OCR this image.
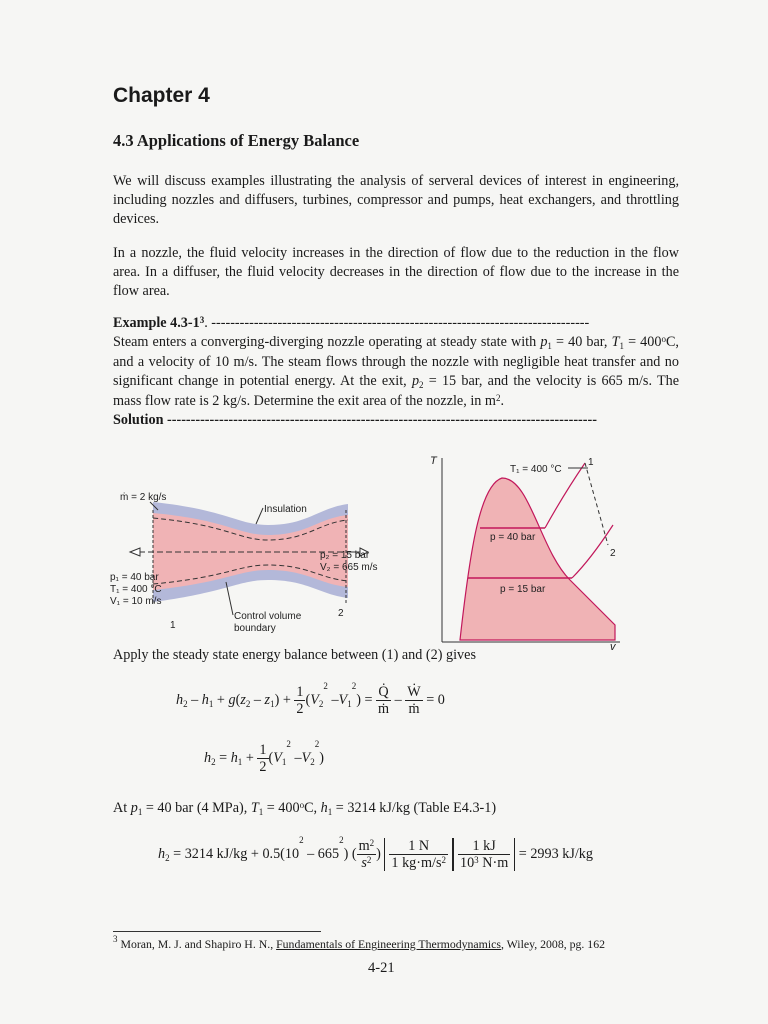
Chapter 4
4.3 Applications of Energy Balance

We will discuss examples illustrating the analysis of serveral devices of interest in engineering, including nozzles and diffusers, turbines, compressor and pumps, heat exchangers, and throttling devices.

In a nozzle, the fluid velocity increases in the direction of flow due to the reduction in the flow area. In a diffuser, the fluid velocity decreases in the direction of flow due to the increase in the flow area.

Example $4.3-1^3$. --------------------------------------------------------------------------------

Steam enters a converging-diverging nozzle operating at steady state with $p_1 = 40$ bar, $T_1 = 400^oC$, and a velocity of 10 m/s. The steam flows through the nozzle with negligible heat transfer and no significant change in potential energy. At the exit, $p_2 = 15$ bar, and the velocity is 665 m/s. The mass flow rate is 2 kg/s. Determine the exit area of the nozzle, in $m^2$.

Solution -------------------------------------------------------------------------------------------

ṁ = 2 kg/s
Insulation
p₁ = 40 bar
T₁ = 400 °C
V₁ = 10 m/s
p₂ = 15 bar
V₂ = 665 m/s
Control volume
boundary
1
2
T
v
T₁ = 400 °C
1
2
p = 40 bar
p = 15 bar
Apply the steady state energy balance between (1) and (2) gives
$h_2 - h_1 + g(z_2 - z_1) + \frac{1}{2} (V_2^2$ $-V_1^2) = \frac{Q̇}{\text{ṁ}} - \frac{\text{Ẇ}}{\text{ṁ}} = 0$
$h_2 = h_1 + \frac{1}{2} (V_1^2$ $-V_2^2$)
At $p_1 = 40$ bar (4 MPa), $T_1 = 400^oC$, $h_1 = 3214$ kJ/kg (Table E4.3-1)
$h_2 = 3214$ $kJ/kg + 0.5(10^2 - 665^2)$ ( $\frac{m^2}{s^2}$ ) $\frac{1 N}{1 kg\cdot m/s^2} \frac{1 kJ}{10^3 N\cdot m} = 2993$ kJ/kg
$^3$ Moran, M. J. and Shapiro H. N., Fundamentals of Engineering Thermodynamics, Wiley, 2008, pg. 162
4-21
